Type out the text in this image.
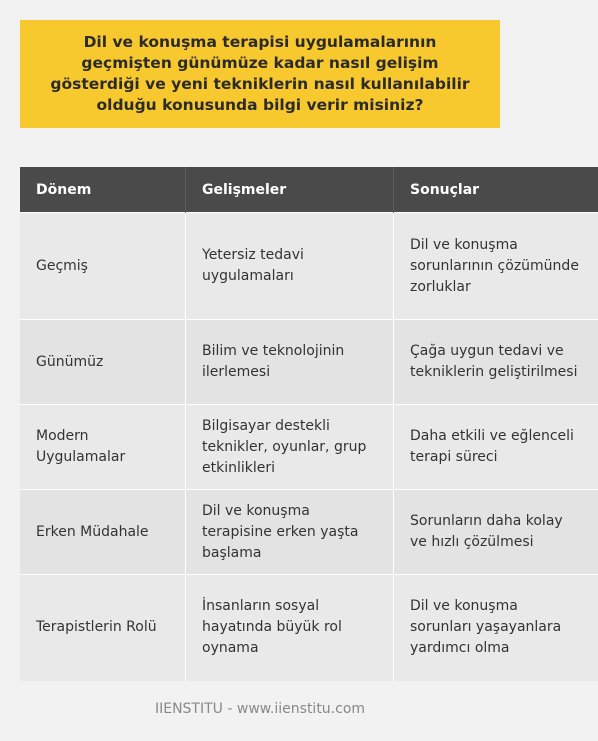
Dil ve konuşma terapisi uygulamalarının geçmişten günümüze kadar nasıl gelişim gösterdiği ve yeni tekniklerin nasıl kullanılabilir olduğu konusunda bilgi verir misiniz?
Dönem	Gelişmeler	Sonuçlar
Geçmiş	Yetersiz tedavi uygulamaları	Dil ve konuşma sorunlarının çözümünde zorluklar
Günümüz	Bilim ve teknolojinin ilerlemesi	Çağa uygun tedavi ve tekniklerin geliştirilmesi
Modern Uygulamalar	Bilgisayar destekli teknikler, oyunlar, grup etkinlikleri	Daha etkili ve eğlenceli terapi süreci
Erken Müdahale	Dil ve konuşma terapisine erken yaşta başlama	Sorunların daha kolay ve hızlı çözülmesi
Terapistlerin Rolü	İnsanların sosyal hayatında büyük rol oynama	Dil ve konuşma sorunları yaşayanlara yardımcı olma
IIENSTITU - www.iienstitu.com
